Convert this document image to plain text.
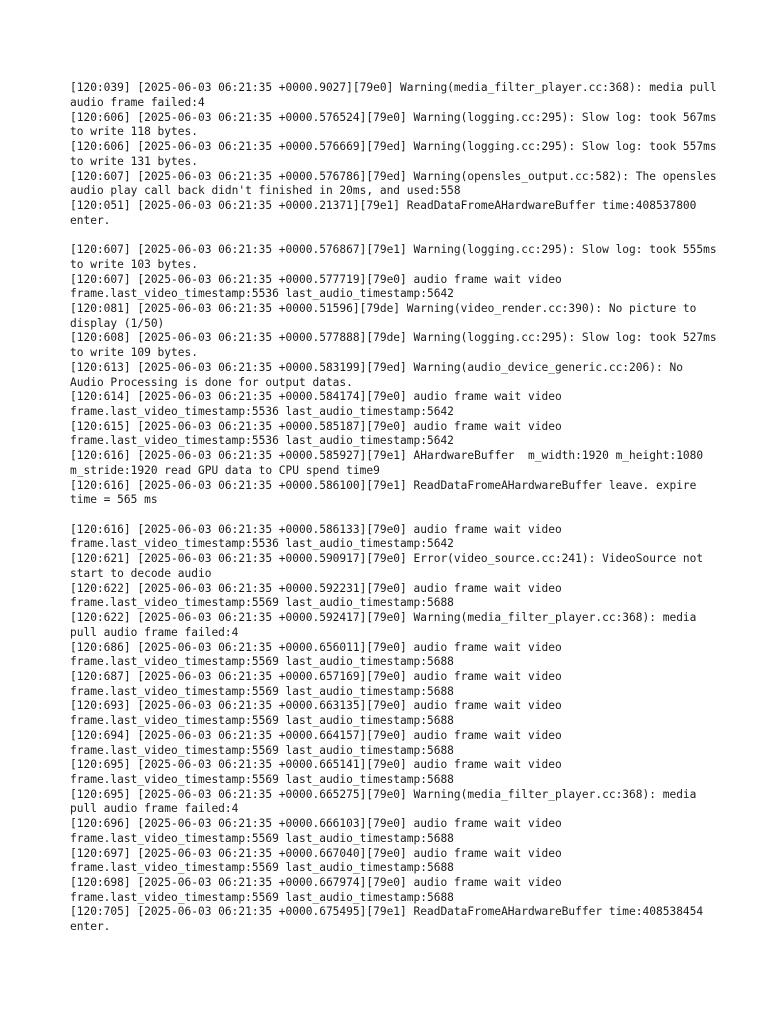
[120:039] [2025-06-03 06:21:35 +0000.9027][79e0] Warning(media_filter_player.cc:368): media pull audio frame failed:4
[120:606] [2025-06-03 06:21:35 +0000.576524][79e0] Warning(logging.cc:295): Slow log: took 567ms to write 118 bytes.
[120:606] [2025-06-03 06:21:35 +0000.576669][79ed] Warning(logging.cc:295): Slow log: took 557ms to write 131 bytes.
[120:607] [2025-06-03 06:21:35 +0000.576786][79ed] Warning(opensles_output.cc:582): The opensles audio play call back didn't finished in 20ms, and used:558
[120:051] [2025-06-03 06:21:35 +0000.21371][79e1] ReadDataFromeAHardwareBuffer time:408537800  enter.
[120:607] [2025-06-03 06:21:35 +0000.576867][79e1] Warning(logging.cc:295): Slow log: took 555ms to write 103 bytes.
[120:607] [2025-06-03 06:21:35 +0000.577719][79e0] audio frame wait video frame.last_video_timestamp:5536 last_audio_timestamp:5642
[120:081] [2025-06-03 06:21:35 +0000.51596][79de] Warning(video_render.cc:390): No picture to display (1/50)
[120:608] [2025-06-03 06:21:35 +0000.577888][79de] Warning(logging.cc:295): Slow log: took 527ms to write 109 bytes.
[120:613] [2025-06-03 06:21:35 +0000.583199][79ed] Warning(audio_device_generic.cc:206): No Audio Processing is done for output datas.
[120:614] [2025-06-03 06:21:35 +0000.584174][79e0] audio frame wait video frame.last_video_timestamp:5536 last_audio_timestamp:5642
[120:615] [2025-06-03 06:21:35 +0000.585187][79e0] audio frame wait video frame.last_video_timestamp:5536 last_audio_timestamp:5642
[120:616] [2025-06-03 06:21:35 +0000.585927][79e1] AHardwareBuffer  m_width:1920 m_height:1080 m_stride:1920 read GPU data to CPU spend time9
[120:616] [2025-06-03 06:21:35 +0000.586100][79e1] ReadDataFromeAHardwareBuffer leave. expire time = 565 ms
[120:616] [2025-06-03 06:21:35 +0000.586133][79e0] audio frame wait video frame.last_video_timestamp:5536 last_audio_timestamp:5642
[120:621] [2025-06-03 06:21:35 +0000.590917][79e0] Error(video_source.cc:241): VideoSource not start to decode audio
[120:622] [2025-06-03 06:21:35 +0000.592231][79e0] audio frame wait video frame.last_video_timestamp:5569 last_audio_timestamp:5688
[120:622] [2025-06-03 06:21:35 +0000.592417][79e0] Warning(media_filter_player.cc:368): media pull audio frame failed:4
[120:686] [2025-06-03 06:21:35 +0000.656011][79e0] audio frame wait video frame.last_video_timestamp:5569 last_audio_timestamp:5688
[120:687] [2025-06-03 06:21:35 +0000.657169][79e0] audio frame wait video frame.last_video_timestamp:5569 last_audio_timestamp:5688
[120:693] [2025-06-03 06:21:35 +0000.663135][79e0] audio frame wait video frame.last_video_timestamp:5569 last_audio_timestamp:5688
[120:694] [2025-06-03 06:21:35 +0000.664157][79e0] audio frame wait video frame.last_video_timestamp:5569 last_audio_timestamp:5688
[120:695] [2025-06-03 06:21:35 +0000.665141][79e0] audio frame wait video frame.last_video_timestamp:5569 last_audio_timestamp:5688
[120:695] [2025-06-03 06:21:35 +0000.665275][79e0] Warning(media_filter_player.cc:368): media pull audio frame failed:4
[120:696] [2025-06-03 06:21:35 +0000.666103][79e0] audio frame wait video frame.last_video_timestamp:5569 last_audio_timestamp:5688
[120:697] [2025-06-03 06:21:35 +0000.667040][79e0] audio frame wait video frame.last_video_timestamp:5569 last_audio_timestamp:5688
[120:698] [2025-06-03 06:21:35 +0000.667974][79e0] audio frame wait video frame.last_video_timestamp:5569 last_audio_timestamp:5688
[120:705] [2025-06-03 06:21:35 +0000.675495][79e1] ReadDataFromeAHardwareBuffer time:408538454  enter.
